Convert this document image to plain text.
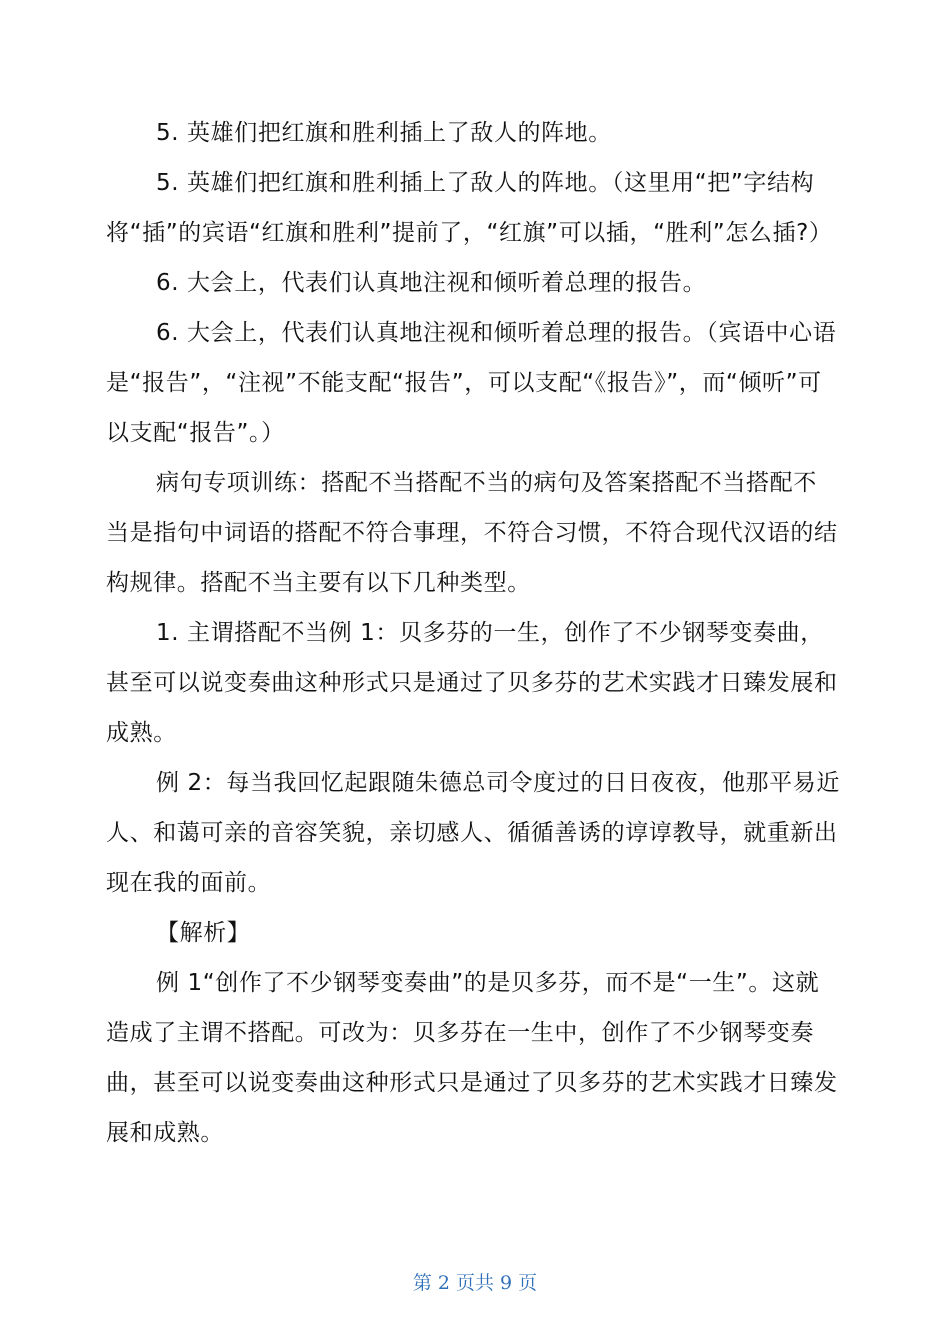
5. 英雄们把红旗和胜利插上了敌人的阵地。

5. 英雄们把红旗和胜利插上了敌人的阵地。（这里用“把”字结构将“插”的宾语“红旗和胜利”提前了，“红旗”可以插，“胜利”怎么插?）

6. 大会上，代表们认真地注视和倾听着总理的报告。

6. 大会上，代表们认真地注视和倾听着总理的报告。（宾语中心语是“报告”，“注视”不能支配“报告”，可以支配“《报告》”，而“倾听”可以支配“报告”。）

病句专项训练：搭配不当搭配不当的病句及答案搭配不当搭配不当是指句中词语的搭配不符合事理，不符合习惯，不符合现代汉语的结构规律。搭配不当主要有以下几种类型。

1. 主谓搭配不当例 1：贝多芬的一生，创作了不少钢琴变奏曲，甚至可以说变奏曲这种形式只是通过了贝多芬的艺术实践才日臻发展和成熟。

例 2：每当我回忆起跟随朱德总司令度过的日日夜夜，他那平易近人、和蔼可亲的音容笑貌，亲切感人、循循善诱的谆谆教导，就重新出现在我的面前。

【解析】

例 1“创作了不少钢琴变奏曲”的是贝多芬，而不是“一生”。这就造成了主谓不搭配。可改为：贝多芬在一生中，创作了不少钢琴变奏曲，甚至可以说变奏曲这种形式只是通过了贝多芬的艺术实践才日臻发展和成熟。

第 2 页共 9 页
